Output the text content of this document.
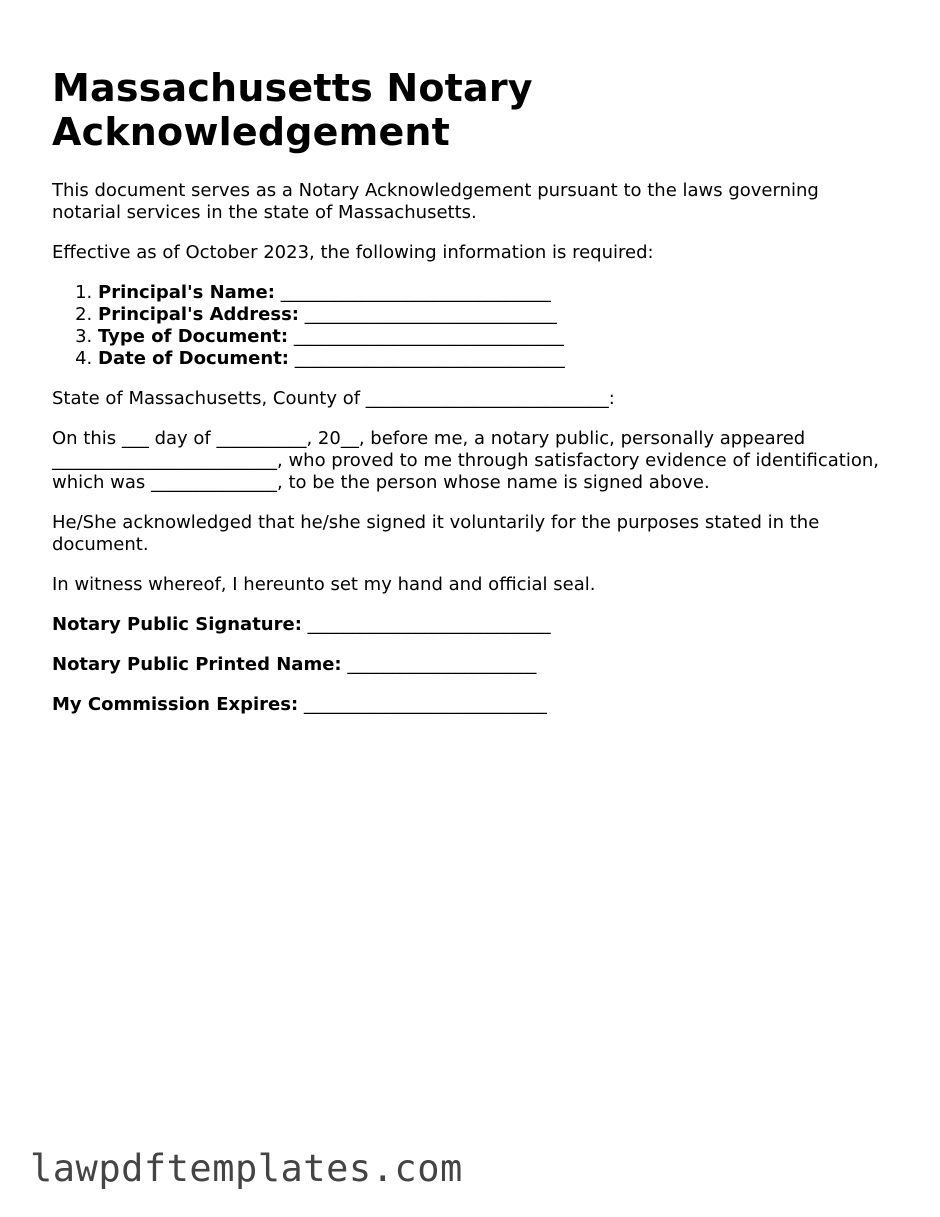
Massachusetts Notary Acknowledgement

This document serves as a Notary Acknowledgement pursuant to the laws governing notarial services in the state of Massachusetts.

Effective as of October 2023, the following information is required:

1. Principal's Name: ______________________________
2. Principal's Address: ____________________________
3. Type of Document: ______________________________
4. Date of Document: ______________________________

State of Massachusetts, County of ___________________________:

On this ___ day of __________, 20__, before me, a notary public, personally appeared _________________________, who proved to me through satisfactory evidence of identification, which was ______________, to be the person whose name is signed above.

He/She acknowledged that he/she signed it voluntarily for the purposes stated in the document.

In witness whereof, I hereunto set my hand and official seal.

Notary Public Signature: ___________________________

Notary Public Printed Name: _____________________

My Commission Expires: ___________________________

lawpdftemplates.com
